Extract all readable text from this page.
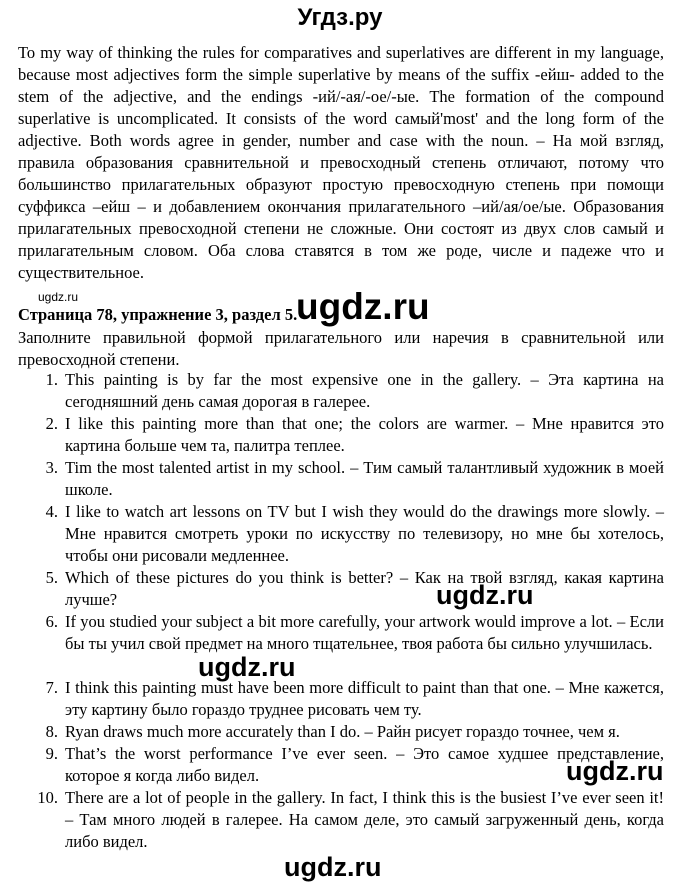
Угдз.ру

To my way of thinking the rules for comparatives and superlatives are different in my language, because most adjectives form the simple superlative by means of the suffix -ейш- added to the stem of the adjective, and the endings -ий/-ая/-ое/-ые. The formation of the compound superlative is uncomplicated. It consists of the word самый'most' and the long form of the adjective. Both words agree in gender, number and case with the noun. – На мой взгляд, правила образования сравнительной и превосходный степень отличают, потому что большинство прилагательных образуют простую превосходную степень при помощи суффикса –ейш – и добавлением окончания прилагательного –ий/ая/ое/ые. Образования прилагательных превосходной степени не сложные. Они состоят из двух слов самый и прилагательным словом. Оба слова ставятся в том же роде, числе и падеже что и существительное.

ugdz.ru	ugdz.ru

Страница 78, упражнение 3, раздел 5.

Заполните правильной формой прилагательного или наречия в сравнительной или превосходной степени.

1. This painting is by far the most expensive one in the gallery. – Эта картина на сегодняшний день самая дорогая в галерее.
2. I like this painting more than that one; the colors are warmer. – Мне нравится это картина больше чем та, палитра теплее.
3. Tim the most talented artist in my school. – Тим самый талантливый художник в моей школе.
4. I like to watch art lessons on TV but I wish they would do the drawings more slowly. – Мне нравится смотреть уроки по искусству по телевизору, но мне бы хотелось, чтобы они рисовали медленнее.
5. Which of these pictures do you think is better? – Как на твой взгляд, какая картина лучше?
6. If you studied your subject a bit more carefully, your artwork would improve a lot. – Если бы ты учил свой предмет на много тщательнее, твоя работа бы сильно улучшилась.
7. I think this painting must have been more difficult to paint than that one. – Мне кажется, эту картину было гораздо труднее рисовать чем ту.
8. Ryan draws much more accurately than I do. – Райн рисует гораздо точнее, чем я.
9. That’s the worst performance I’ve ever seen. – Это самое худшее представление, которое я когда либо видел.
10. There are a lot of people in the gallery. In fact, I think this is the busiest I’ve ever seen it! – Там много людей в галерее. На самом деле, это самый загруженный день, когда либо видел.
ugdz.ru
ugdz.ru
ugdz.ru
ugdz.ru
